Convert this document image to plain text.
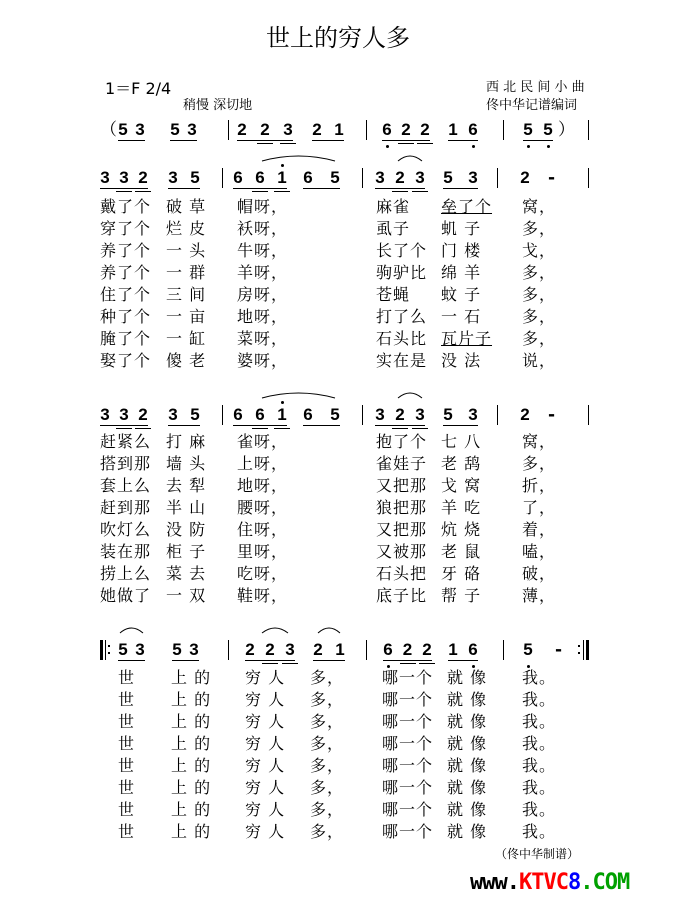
世上的穷人多
1＝F 2/4
稍慢 深切地
西 北 民 间 小 曲
佟中华记谱编词
5 3 5 3 2 2 3 2 1 6 2 2 1 6	5 5
（	）
3 3 2 3 5 6 6 1 6 5 3 2 3 5 3	2 -
3 3 2 3 5 6 6 1 6 5 3 2 3 5 3	2 -
5 3 5 3	2 2 3 2 1 6 2 2 1 6	5 -
戴了个 破 草 帽呀，	麻雀 垒了个 窝，
穿了个 烂 皮 袄呀，	虱子 虮 子	多，
养了个 一 头 牛呀，	长了个 门 楼	戈，
养了个 一 群 羊呀，	驹驴比 绵 羊	多，
住了个 三 间 房呀，	苍蝇 蚊 子	多，
种了个 一 亩 地呀，	打了么 一 石	多，
腌了个 一 缸 菜呀，	石头比 瓦片子 多，
娶了个 傻 老 婆呀，	实在是 没 法	说，
赶紧么 打 麻 雀呀，	抱了个 七 八	窝，
搭到那 墙 头 上呀，	雀娃子 老 鸹	多，
套上么 去 犁 地呀，	又把那 戈 窝	折，
赶到那 半 山 腰呀，	狼把那 羊 吃	了，
吹灯么 没 防 住呀，	又把那 炕 烧	着，
装在那 柜 子 里呀，	又被那 老 鼠	嗑，
捞上么 菜 去 吃呀，	石头把 牙 硌	破，
她做了 一 双 鞋呀，	底子比 帮 子	薄，
世 上 的 穷 人 多， 哪一个 就 像 我。
世 上 的 穷 人 多， 哪一个 就 像 我。
世 上 的 穷 人 多， 哪一个 就 像 我。
世 上 的 穷 人 多， 哪一个 就 像 我。
世 上 的 穷 人 多， 哪一个 就 像 我。
世 上 的 穷 人 多， 哪一个 就 像 我。
世 上 的 穷 人 多， 哪一个 就 像 我。
世 上 的 穷 人 多， 哪一个 就 像 我。
（佟中华制谱）
www.KTVC8.COM
